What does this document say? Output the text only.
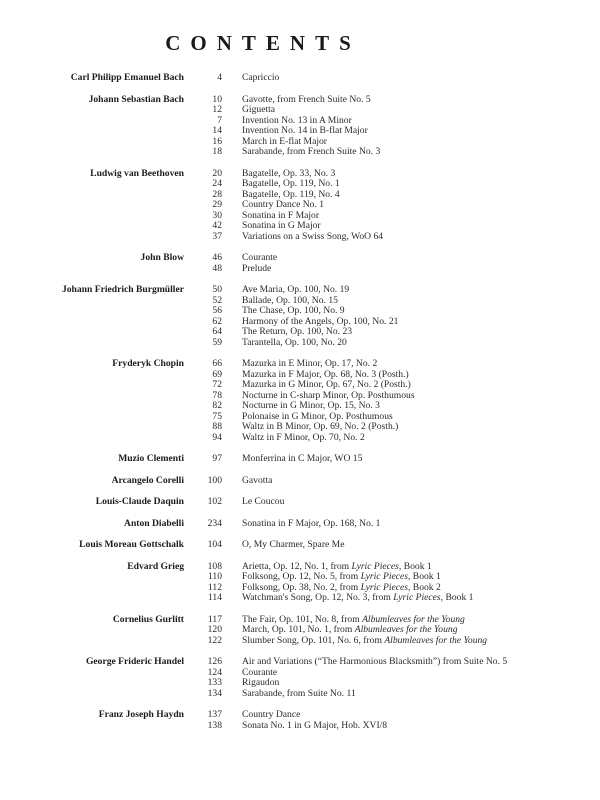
CONTENTS
Carl Philipp Emanuel Bach	4	Capriccio
Johann Sebastian Bach	10	Gavotte, from French Suite No. 5
12	Giguetta
7	Invention No. 13 in A Minor
14	Invention No. 14 in B-flat Major
16	March in E-flat Major
18	Sarabande, from French Suite No. 3
Ludwig van Beethoven	20	Bagatelle, Op. 33, No. 3
24	Bagatelle, Op. 119, No. 1
28	Bagatelle, Op. 119, No. 4
29	Country Dance No. 1
30	Sonatina in F Major
42	Sonatina in G Major
37	Variations on a Swiss Song, WoO 64
John Blow	46	Courante
48	Prelude
Johann Friedrich Burgmüller	50	Ave Maria, Op. 100, No. 19
52	Ballade, Op. 100, No. 15
56	The Chase, Op. 100, No. 9
62	Harmony of the Angels, Op. 100, No. 21
64	The Return, Op. 100, No. 23
59	Tarantella, Op. 100, No. 20
Fryderyk Chopin	66	Mazurka in E Minor, Op. 17, No. 2
69	Mazurka in F Major, Op. 68, No. 3 (Posth.)
72	Mazurka in G Minor, Op. 67, No. 2 (Posth.)
78	Nocturne in C-sharp Minor, Op. Posthumous
82	Nocturne in G Minor, Op. 15, No. 3
75	Polonaise in G Minor, Op. Posthumous
88	Waltz in B Minor, Op. 69, No. 2 (Posth.)
94	Waltz in F Minor, Op. 70, No. 2
Muzio Clementi	97	Monferrina in C Major, WO 15
Arcangelo Corelli	100	Gavotta
Louis-Claude Daquin	102	Le Coucou
Anton Diabelli	234	Sonatina in F Major, Op. 168, No. 1
Louis Moreau Gottschalk	104	O, My Charmer, Spare Me
Edvard Grieg	108	Arietta, Op. 12, No. 1, from Lyric Pieces, Book 1
110	Folksong, Op. 12, No. 5, from Lyric Pieces, Book 1
112	Folksong, Op. 38, No. 2, from Lyric Pieces, Book 2
114	Watchman's Song, Op. 12, No. 3, from Lyric Pieces, Book 1
Cornelius Gurlitt	117	The Fair, Op. 101, No. 8, from Albumleaves for the Young
120	March, Op. 101, No. 1, from Albumleaves for the Young
122	Slumber Song, Op. 101, No. 6, from Albumleaves for the Young
George Frideric Handel	126	Air and Variations (“The Harmonious Blacksmith”) from Suite No. 5
124	Courante
133	Rigaudon
134	Sarabande, from Suite No. 11
Franz Joseph Haydn	137	Country Dance
138	Sonata No. 1 in G Major, Hob. XVI/8
